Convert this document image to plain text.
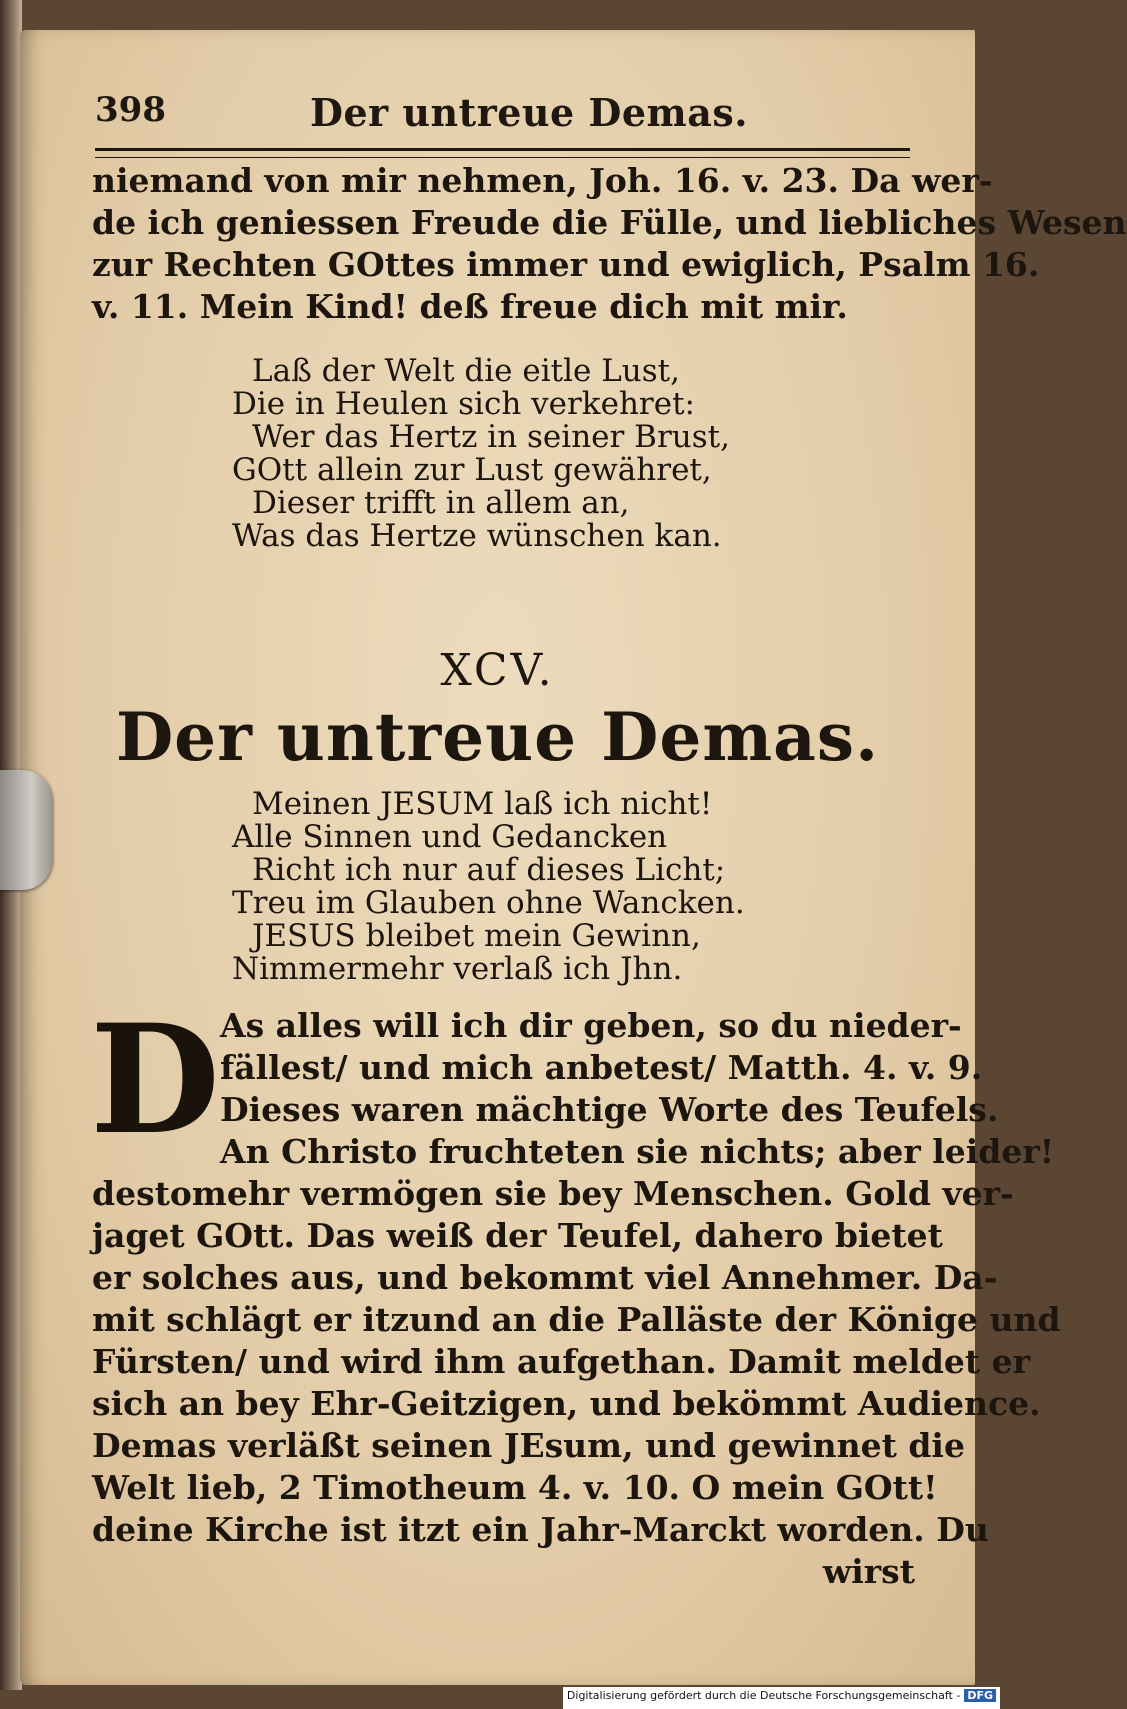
398	Der untreue Demas.
niemand von mir nehmen, Joh. 16. v. 23. Da wer-
de ich geniessen Freude die Fülle, und liebliches Wesen
zur Rechten GOttes immer und ewiglich, Psalm 16.
v. 11. Mein Kind! deß freue dich mit mir.
Laß der Welt die eitle Lust,
Die in Heulen sich verkehret:
Wer das Hertz in seiner Brust,
GOtt allein zur Lust gewähret,
Dieser trifft in allem an,
Was das Hertze wünschen kan.
XCV.
Der untreue Demas.
Meinen JESUM laß ich nicht!
Alle Sinnen und Gedancken
Richt ich nur auf dieses Licht;
Treu im Glauben ohne Wancken.
JESUS bleibet mein Gewinn,
Nimmermehr verlaß ich Jhn.
D As alles will ich dir geben, so du nieder-
fällest/ und mich anbetest/ Matth. 4. v. 9.
Dieses waren mächtige Worte des Teufels.
An Christo fruchteten sie nichts; aber leider!
destomehr vermögen sie bey Menschen. Gold ver-
jaget GOtt. Das weiß der Teufel, dahero bietet
er solches aus, und bekommt viel Annehmer. Da-
mit schlägt er itzund an die Palläste der Könige und
Fürsten/ und wird ihm aufgethan. Damit meldet er
sich an bey Ehr-Geitzigen, und bekömmt Audience.
Demas verläßt seinen JEsum, und gewinnet die
Welt lieb, 2 Timotheum 4. v. 10. O mein GOtt!
deine Kirche ist itzt ein Jahr-Marckt worden. Du
wirst
Digitalisierung gefördert durch die Deutsche Forschungsgemeinschaft - DFG
